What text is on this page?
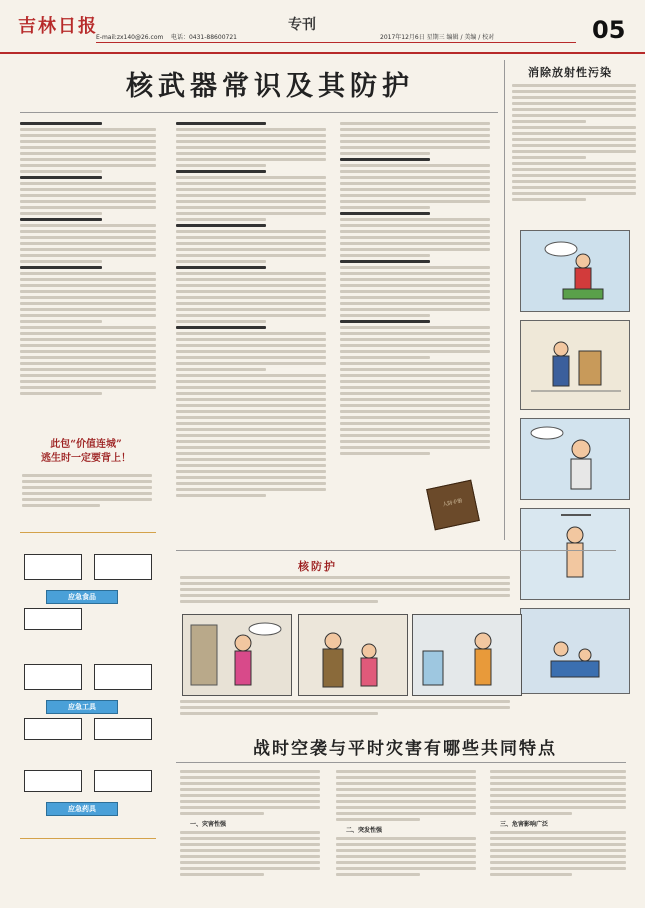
吉林日报
E-mail:zx140@26.com 电话：0431-88600721
专刊
2017年12月6日 星期三 编辑 / 美编 / 校对	05
核武器常识及其防护
此包“价值连城”
逃生时一定要背上！
应急食品
应急工具
应急药具
消除放射性污染
人防手册
核防护
战时空袭与平时灾害有哪些共同特点
一、灾害性强
二、突发性强
三、危害影响广泛
